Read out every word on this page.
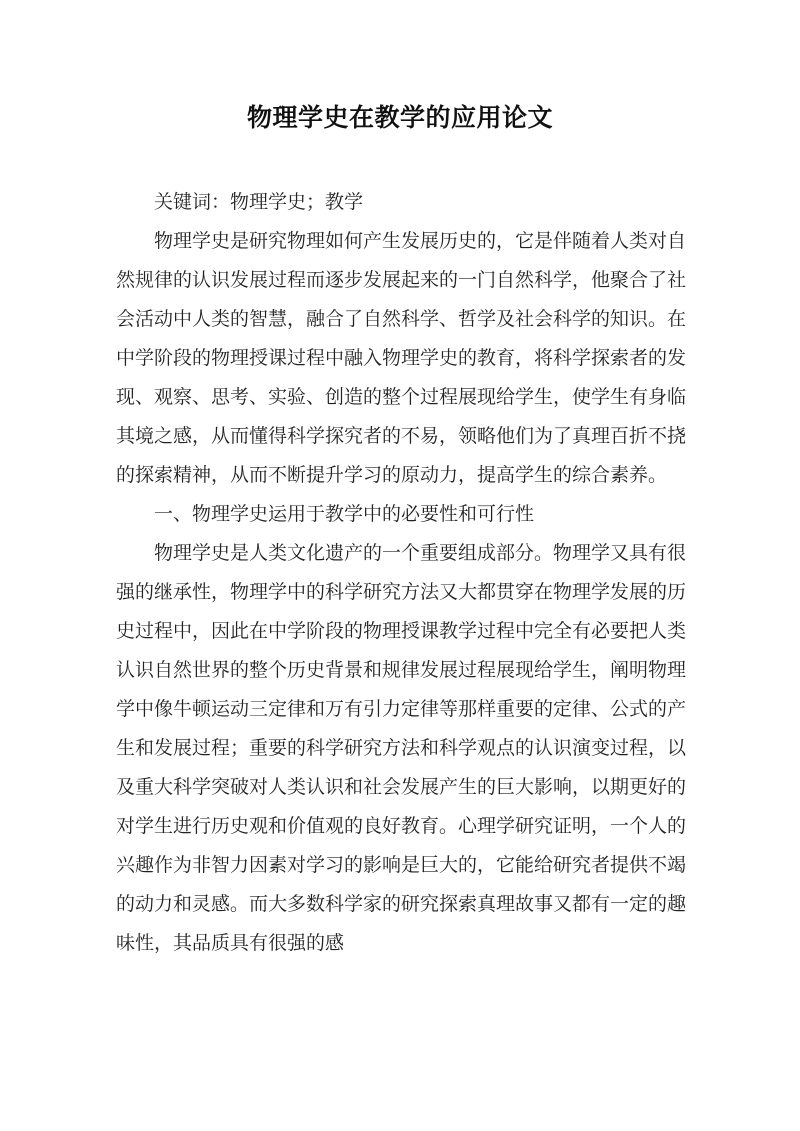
物理学史在教学的应用论文

关键词：物理学史；教学

物理学史是研究物理如何产生发展历史的，它是伴随着人类对自然规律的认识发展过程而逐步发展起来的一门自然科学，他聚合了社会活动中人类的智慧，融合了自然科学、哲学及社会科学的知识。在中学阶段的物理授课过程中融入物理学史的教育，将科学探索者的发现、观察、思考、实验、创造的整个过程展现给学生，使学生有身临其境之感，从而懂得科学探究者的不易，领略他们为了真理百折不挠的探索精神，从而不断提升学习的原动力，提高学生的综合素养。

一、物理学史运用于教学中的必要性和可行性

物理学史是人类文化遗产的一个重要组成部分。物理学又具有很强的继承性，物理学中的科学研究方法又大都贯穿在物理学发展的历史过程中，因此在中学阶段的物理授课教学过程中完全有必要把人类认识自然世界的整个历史背景和规律发展过程展现给学生，阐明物理学中像牛顿运动三定律和万有引力定律等那样重要的定律、公式的产生和发展过程；重要的科学研究方法和科学观点的认识演变过程，以及重大科学突破对人类认识和社会发展产生的巨大影响，以期更好的对学生进行历史观和价值观的良好教育。心理学研究证明，一个人的兴趣作为非智力因素对学习的影响是巨大的，它能给研究者提供不竭的动力和灵感。而大多数科学家的研究探索真理故事又都有一定的趣味性，其品质具有很强的感
